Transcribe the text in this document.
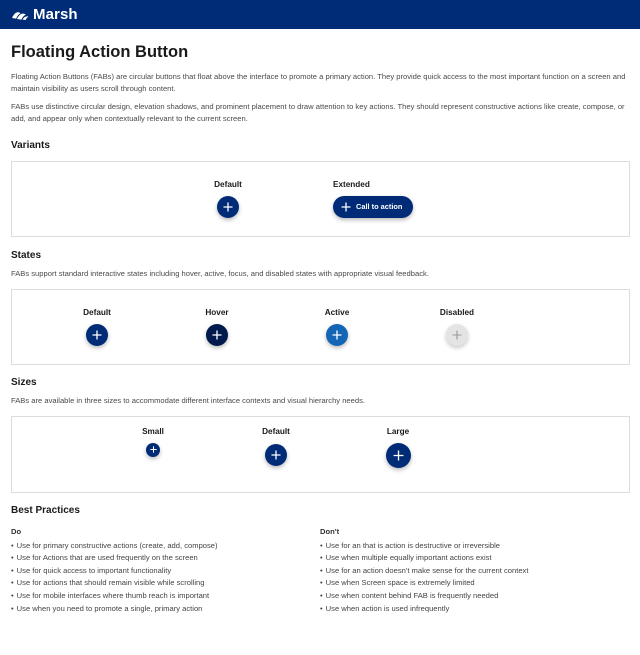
Marsh
Floating Action Button

Floating Action Buttons (FABs) are circular buttons that float above the interface to promote a primary action. They provide quick access to the most important function on a screen and maintain visibility as users scroll through content.

FABs use distinctive circular design, elevation shadows, and prominent placement to draw attention to key actions. They should represent constructive actions like create, compose, or add, and appear only when contextually relevant to the current screen.

Variants
Default	Extended
Call to action
States

FABs support standard interactive states including hover, active, focus, and disabled states with appropriate visual feedback.

Default	Hover	Active	Disabled
Sizes

FABs are available in three sizes to accommodate different interface contexts and visual hierarchy needs.

Small	Default	Large
Best Practices
Do
• Use for primary constructive actions (create, add, compose)
• Use for Actions that are used frequently on the screen
• Use for quick access to important functionality
• Use for actions that should remain visible while scrolling
• Use for mobile interfaces where thumb reach is important
• Use when you need to promote a single, primary action
Don't
• Use for an that is action is destructive or irreversible
• Use when multiple equally important actions exist
• Use for an action doesn't make sense for the current context
• Use when Screen space is extremely limited
• Use when content behind FAB is frequently needed
• Use when action is used infrequently
